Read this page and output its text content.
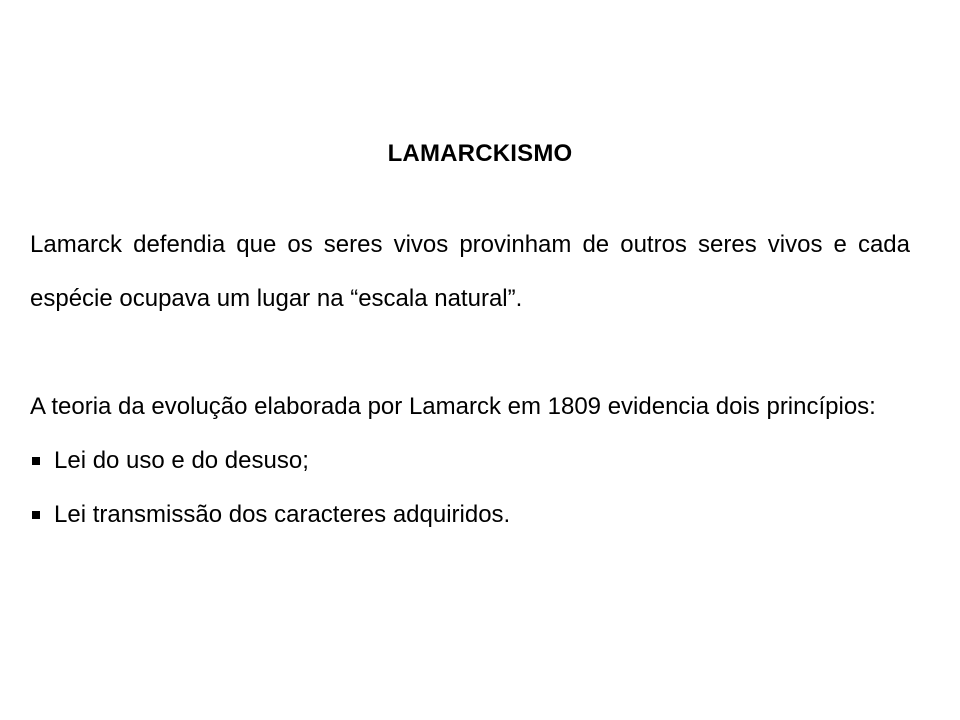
LAMARCKISMO

Lamarck defendia que os seres vivos provinham de outros seres vivos e cada espécie ocupava um lugar na “escala natural”.

A teoria da evolução elaborada por Lamarck em 1809 evidencia dois princípios:

Lei do uso e do desuso;
Lei transmissão dos caracteres adquiridos.
